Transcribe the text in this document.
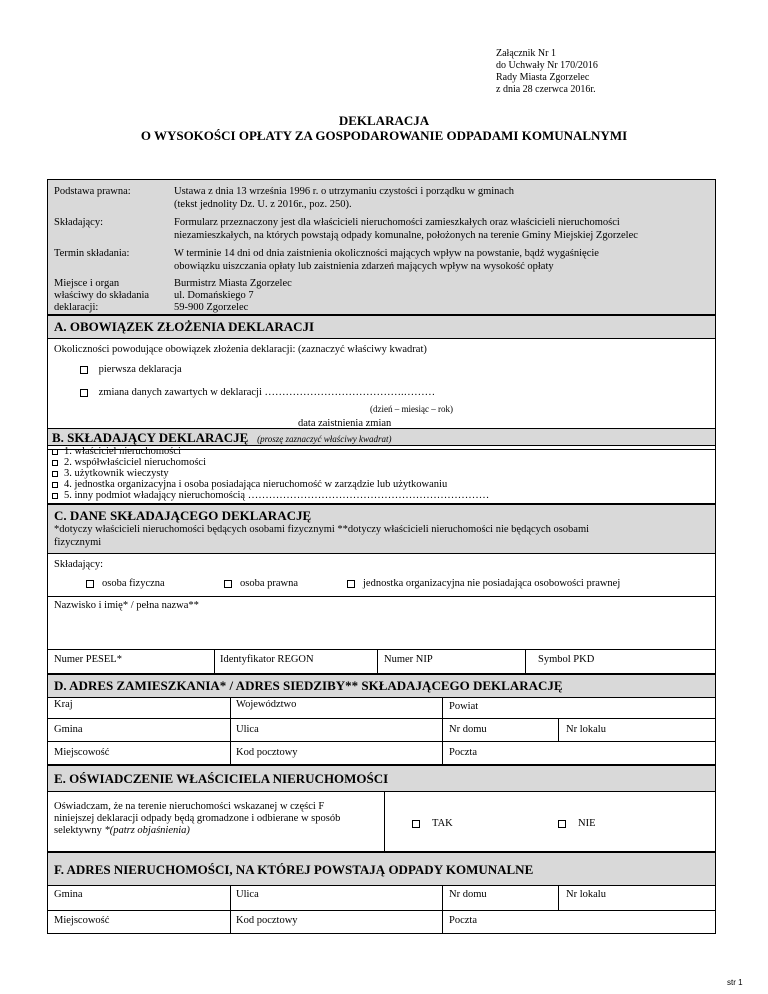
Załącznik Nr 1
do Uchwały Nr 170/2016
Rady Miasta Zgorzelec
z dnia 28 czerwca 2016r.
DEKLARACJA
O WYSOKOŚCI OPŁATY ZA GOSPODAROWANIE ODPADAMI KOMUNALNYMI
Podstawa prawna:	Ustawa z dnia 13 września 1996 r. o utrzymaniu czystości i porządku w gminach
(tekst jednolity Dz. U. z 2016r., poz. 250).
Składający:	Formularz przeznaczony jest dla właścicieli nieruchomości zamieszkałych oraz właścicieli nieruchomości
niezamieszkałych, na których powstają odpady komunalne, położonych na terenie Gminy Miejskiej Zgorzelec
Termin składania:	W terminie 14 dni od dnia zaistnienia okoliczności mających wpływ na powstanie, bądź wygaśnięcie
obowiązku uiszczania opłaty lub zaistnienia zdarzeń mających wpływ na wysokość opłaty
Miejsce i organ
właściwy do składania
deklaracji:
Burmistrz Miasta Zgorzelec
ul. Domańskiego 7
59-900 Zgorzelec
A. OBOWIĄZEK ZŁOŻENIA DEKLARACJI
Okoliczności powodujące obowiązek złożenia deklaracji: (zaznaczyć właściwy kwadrat)
pierwsza deklaracja
zmiana danych zawartych w deklaracji ………………………………….………
(dzień – miesiąc – rok)
data zaistnienia zmian
B. SKŁADAJĄCY DEKLARACJĘ (proszę zaznaczyć właściwy kwadrat)
1. właściciel nieruchomości
2. współwłaściciel nieruchomości
3. użytkownik wieczysty
4. jednostka organizacyjna i osoba posiadająca nieruchomość w zarządzie lub użytkowaniu
5. inny podmiot władający nieruchomością ……………………………………………………………
C. DANE SKŁADAJĄCEGO DEKLARACJĘ
*dotyczy właścicieli nieruchomości będących osobami fizycznymi **dotyczy właścicieli nieruchomości nie będących osobami
fizycznymi
Składający:
osoba fizyczna	osoba prawna	jednostka organizacyjna nie posiadająca osobowości prawnej
Nazwisko i imię* / pełna nazwa**
Numer PESEL*	Identyfikator REGON	Numer NIP	Symbol PKD
D. ADRES ZAMIESZKANIA* / ADRES SIEDZIBY** SKŁADAJĄCEGO DEKLARACJĘ
Kraj	Województwo	Powiat
Gmina	Ulica	Nr domu	Nr lokalu
Miejscowość	Kod pocztowy	Poczta
E. OŚWIADCZENIE WŁAŚCICIELA NIERUCHOMOŚCI
Oświadczam, że na terenie nieruchomości wskazanej w części F
niniejszej deklaracji odpady będą gromadzone i odbierane w sposób
selektywny *(patrz objaśnienia)
TAK	NIE
F. ADRES NIERUCHOMOŚCI, NA KTÓREJ POWSTAJĄ ODPADY KOMUNALNE
Gmina	Ulica	Nr domu	Nr lokalu
Miejscowość	Kod pocztowy	Poczta
str 1
